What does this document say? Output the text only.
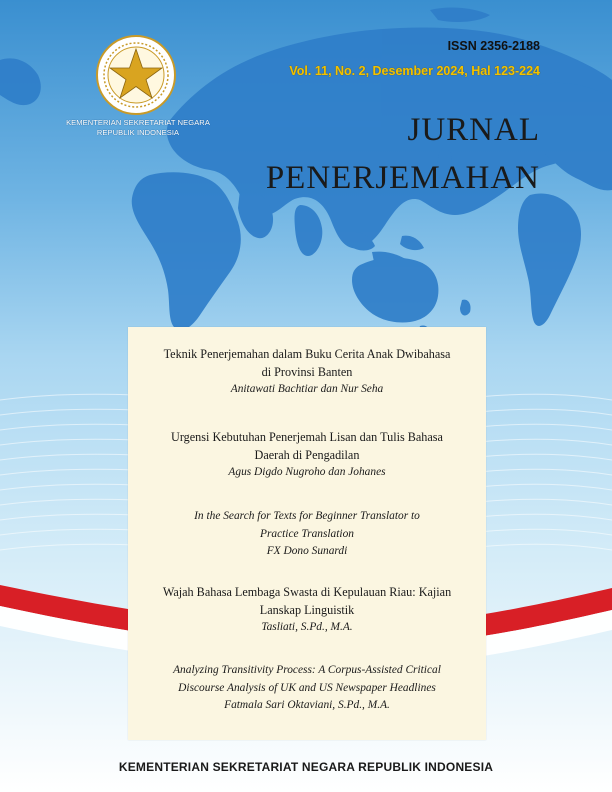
KEMENTERIAN SEKRETARIAT NEGARA
REPUBLIK INDONESIA
ISSN 2356-2188
Vol. 11, No. 2, Desember 2024, Hal 123-224
JURNAL
PENERJEMAHAN
Teknik Penerjemahan dalam Buku Cerita Anak Dwibahasa
di Provinsi Banten
Anitawati Bachtiar dan Nur Seha
Urgensi Kebutuhan Penerjemah Lisan dan Tulis Bahasa
Daerah di Pengadilan
Agus Digdo Nugroho dan Johanes
In the Search for Texts for Beginner Translator to
Practice Translation
FX Dono Sunardi
Wajah Bahasa Lembaga Swasta di Kepulauan Riau: Kajian
Lanskap Linguistik
Tasliati, S.Pd., M.A.
Analyzing Transitivity Process: A Corpus-Assisted Critical
Discourse Analysis of UK and US Newspaper Headlines
Fatmala Sari Oktaviani, S.Pd., M.A.
KEMENTERIAN SEKRETARIAT NEGARA REPUBLIK INDONESIA
